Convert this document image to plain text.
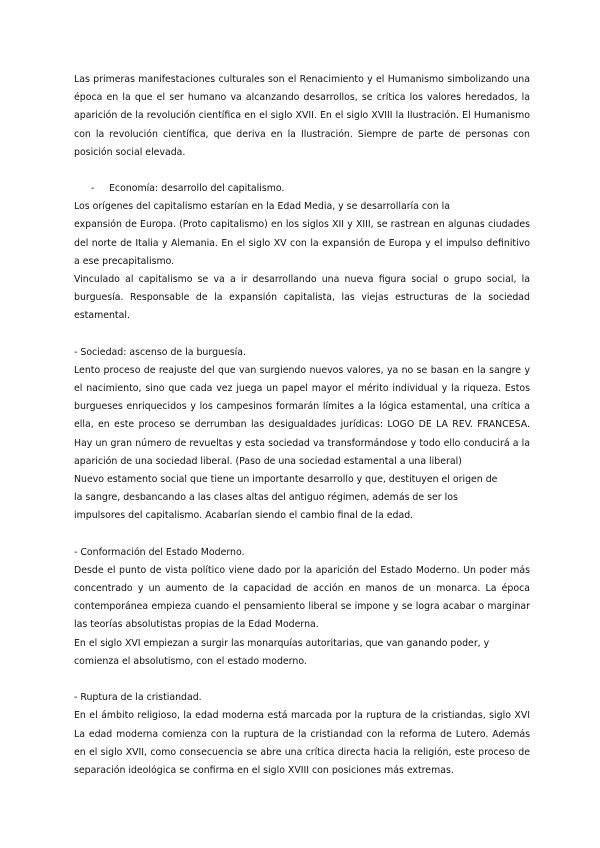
Las primeras manifestaciones culturales son el Renacimiento y el Humanismo simbolizando una época en la que el ser humano va alcanzando desarrollos, se crítica los valores heredados, la aparición de la revolución científica en el siglo XVII. En el siglo XVIII la Ilustración. El Humanismo con la revolución científica, que deriva en la Ilustración. Siempre de parte de personas con posición social elevada.

- Economía: desarrollo del capitalismo.

Los orígenes del capitalismo estarían en la Edad Media, y se desarrollaría con la

expansión de Europa. (Proto capitalismo) en los siglos XII y XIII, se rastrean en algunas ciudades del norte de Italia y Alemania. En el siglo XV con la expansión de Europa y el impulso definitivo a ese precapitalismo.

Vinculado al capitalismo se va a ir desarrollando una nueva figura social o grupo social, la burguesía. Responsable de la expansión capitalista, las viejas estructuras de la sociedad estamental.

- Sociedad: ascenso de la burguesía.

Lento proceso de reajuste del que van surgiendo nuevos valores, ya no se basan en la sangre y el nacimiento, sino que cada vez juega un papel mayor el mérito individual y la riqueza. Estos burgueses enriquecidos y los campesinos formarán límites a la lógica estamental, una crítica a ella, en este proceso se derrumban las desigualdades jurídicas: LOGO DE LA REV. FRANCESA. Hay un gran número de revueltas y esta sociedad va transformándose y todo ello conducirá a la aparición de una sociedad liberal. (Paso de una sociedad estamental a una liberal)

Nuevo estamento social que tiene un importante desarrollo y que, destituyen el origen de

la sangre, desbancando a las clases altas del antiguo régimen, además de ser los

impulsores del capitalismo. Acabarían siendo el cambio final de la edad.

- Conformación del Estado Moderno.

Desde el punto de vista político viene dado por la aparición del Estado Moderno. Un poder más concentrado y un aumento de la capacidad de acción en manos de un monarca. La época contemporánea empieza cuando el pensamiento liberal se impone y se logra acabar o marginar las teorías absolutistas propias de la Edad Moderna.

En el siglo XVI empiezan a surgir las monarquías autoritarias, que van ganando poder, y

comienza el absolutismo, con el estado moderno.

- Ruptura de la cristiandad.

En el ámbito religioso, la edad moderna está marcada por la ruptura de la cristiandas, siglo XVI La edad moderna comienza con la ruptura de la cristiandad con la reforma de Lutero. Además en el siglo XVII, como consecuencia se abre una crítica directa hacia la religión, este proceso de separación ideológica se confirma en el siglo XVIII con posiciones más extremas.
